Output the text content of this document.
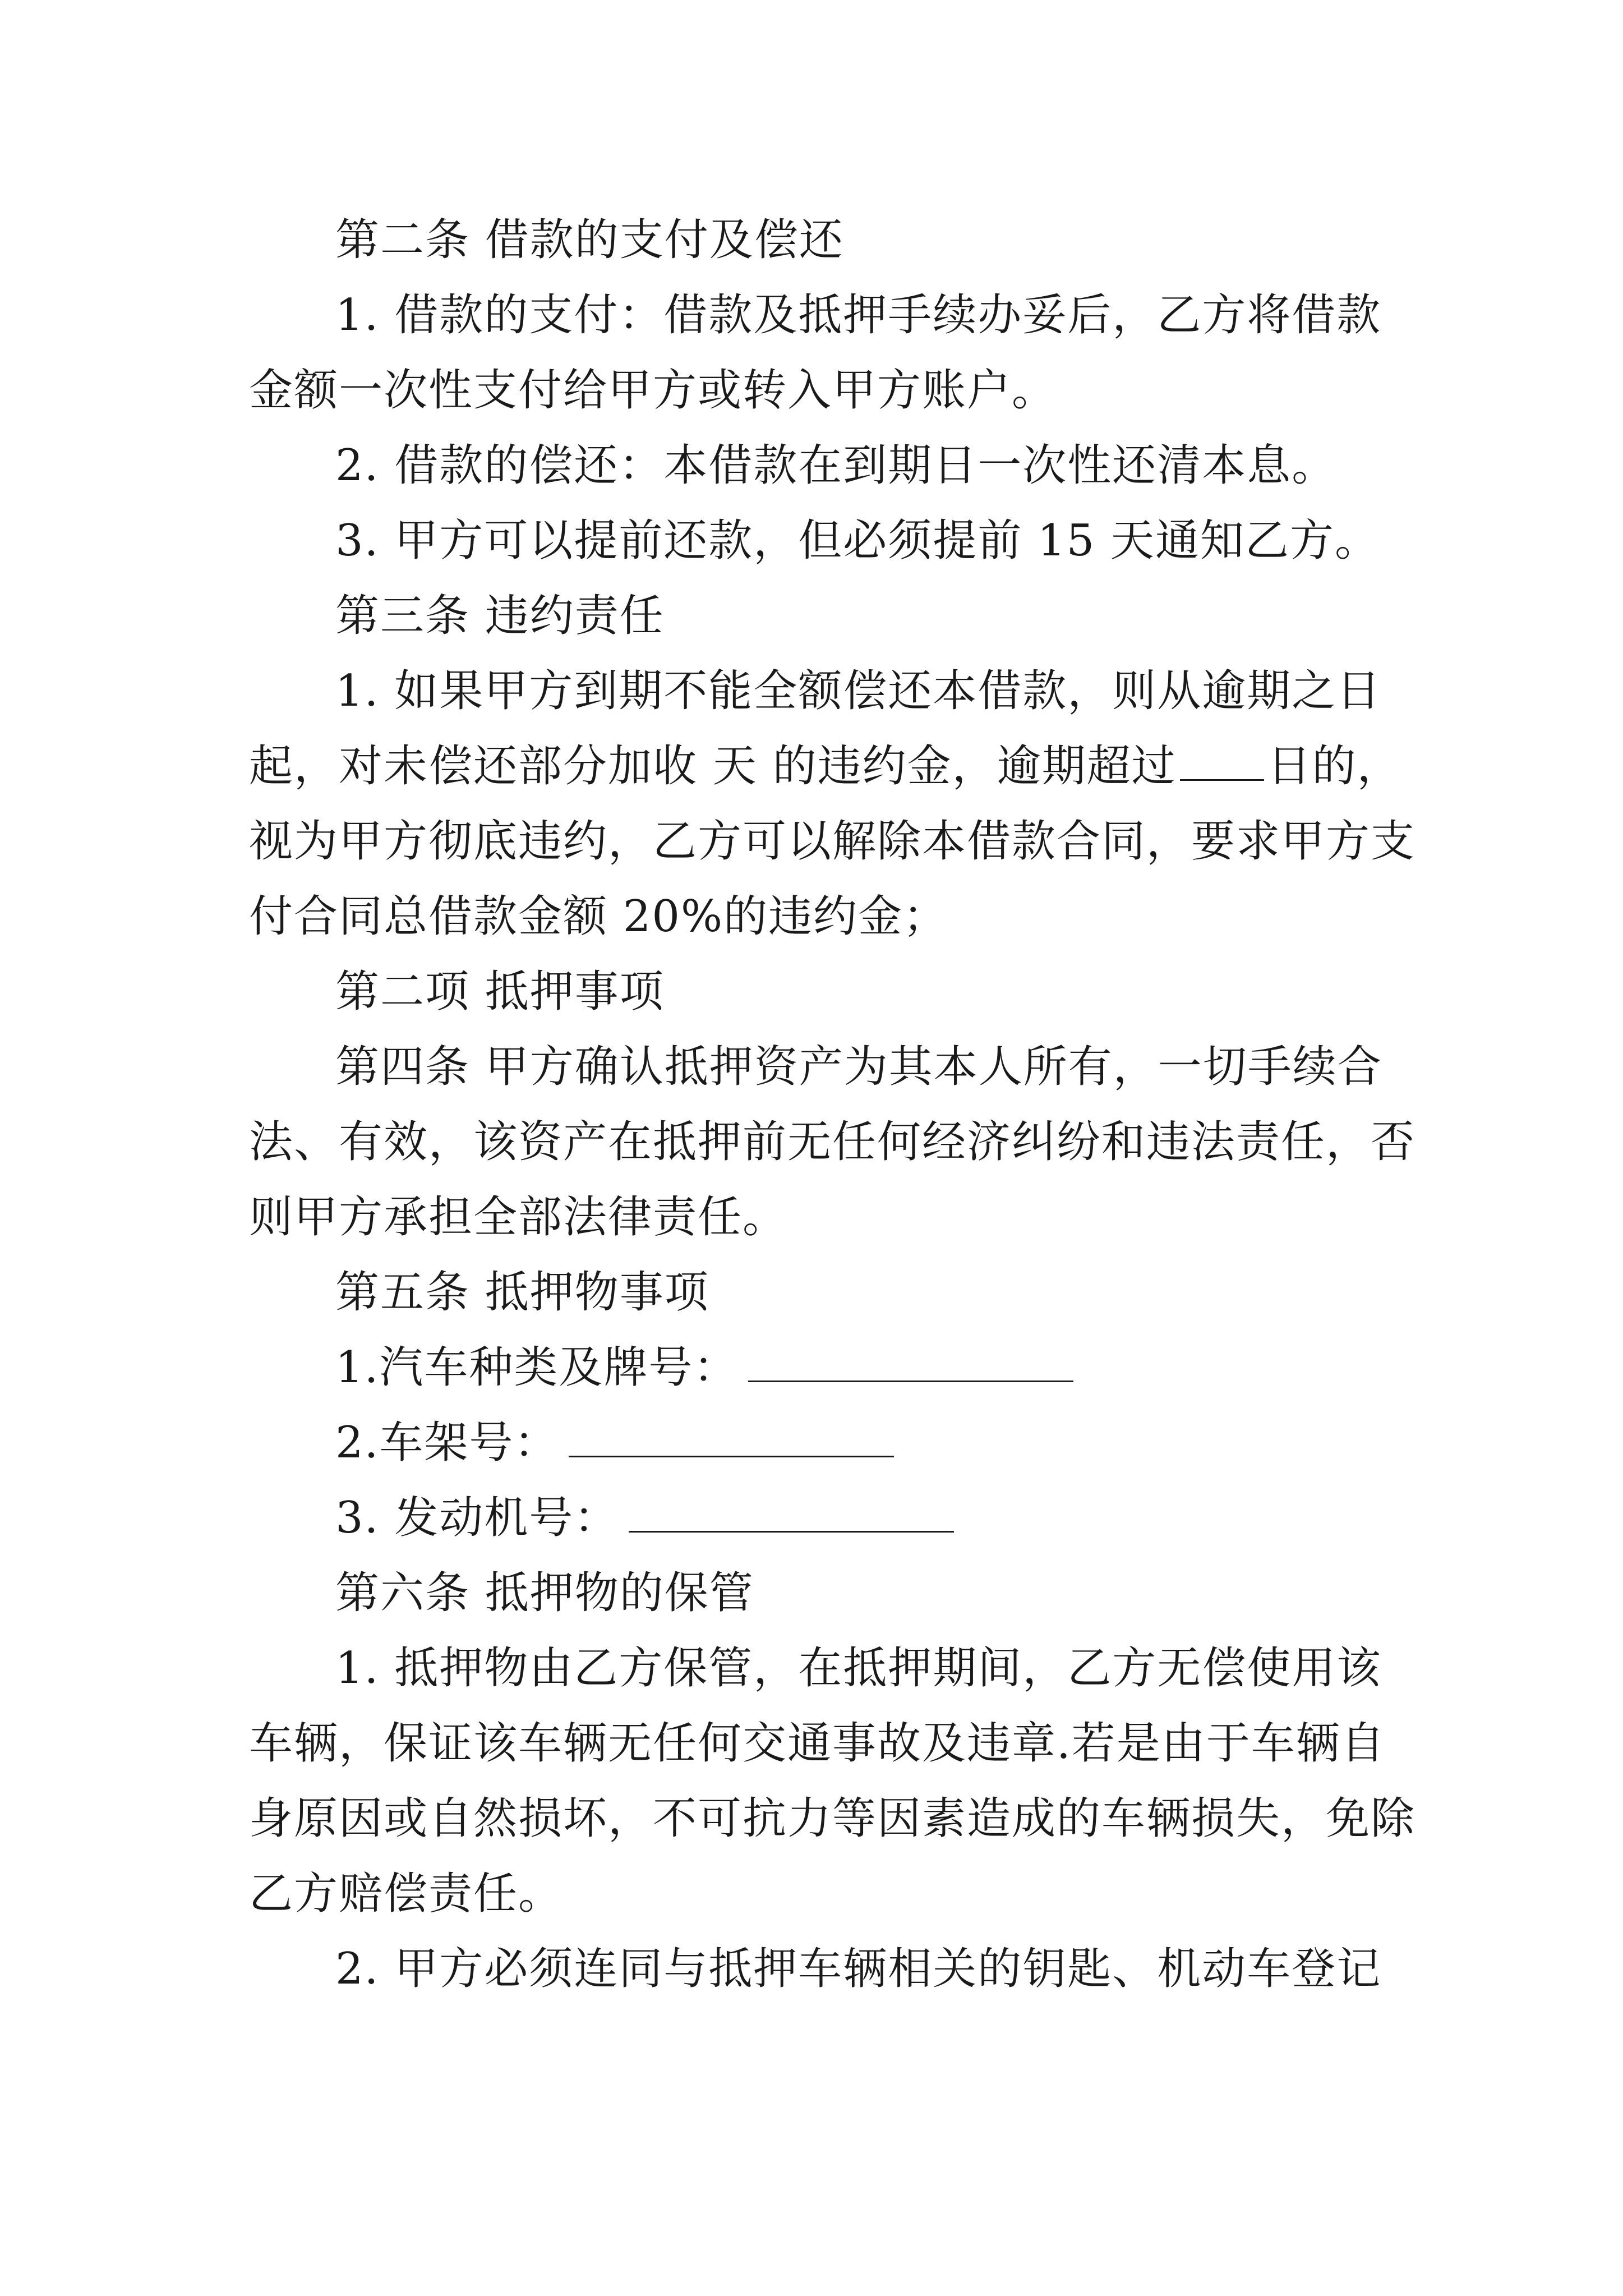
第二条 借款的支付及偿还
1. 借款的支付：借款及抵押手续办妥后，乙方将借款
金额一次性支付给甲方或转入甲方账户。
2. 借款的偿还：本借款在到期日一次性还清本息。
3. 甲方可以提前还款，但必须提前 15 天通知乙方。
第三条 违约责任
1. 如果甲方到期不能全额偿还本借款，则从逾期之日
起，对未偿还部分加收 天 的违约金，逾期超过 日的，
视为甲方彻底违约，乙方可以解除本借款合同，要求甲方支
付合同总借款金额 20%的违约金；
第二项 抵押事项
第四条 甲方确认抵押资产为其本人所有，一切手续合
法、有效，该资产在抵押前无任何经济纠纷和违法责任，否
则甲方承担全部法律责任。
第五条 抵押物事项
1.汽车种类及牌号：
2.车架号：
3. 发动机号：
第六条 抵押物的保管
1. 抵押物由乙方保管，在抵押期间，乙方无偿使用该
车辆，保证该车辆无任何交通事故及违章.若是由于车辆自
身原因或自然损坏，不可抗力等因素造成的车辆损失，免除
乙方赔偿责任。
2. 甲方必须连同与抵押车辆相关的钥匙、机动车登记
